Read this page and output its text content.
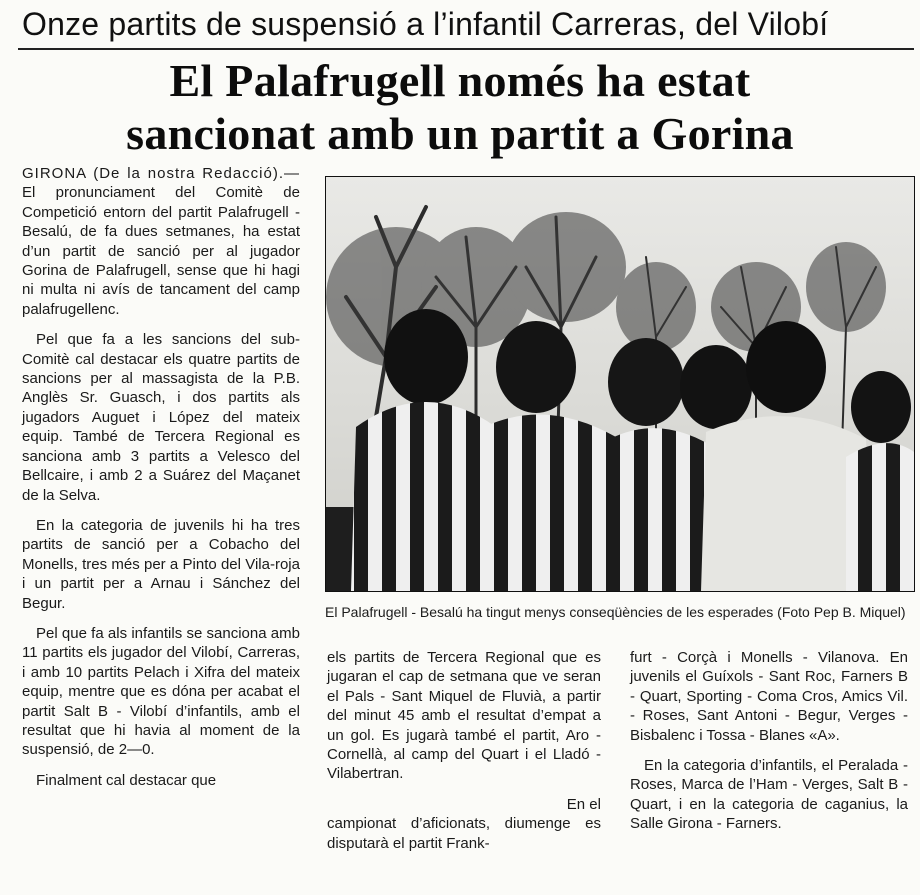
Onze partits de suspensió a l’infantil Carreras, del Vilobí
El Palafrugell només ha estat
sancionat amb un partit a Gorina

GIRONA (De la nostra Redacció).— El pronunciament del Comitè de Competició entorn del partit Palafrugell - Besalú, de fa dues setmanes, ha estat d’un partit de sanció per al jugador Gorina de Palafrugell, sense que hi hagi ni multa ni avís de tancament del camp palafrugellenc.

Pel que fa a les sancions del sub-Comitè cal destacar els quatre partits de sancions per al massagista de la P.B. Anglès Sr. Guasch, i dos partits als jugadors Auguet i López del mateix equip. També de Tercera Regional es sanciona amb 3 partits a Velesco del Bellcaire, i amb 2 a Suárez del Maçanet de la Selva.

En la categoria de juvenils hi ha tres partits de sanció per a Cobacho del Monells, tres més per a Pinto del Vila-roja i un partit per a Arnau i Sánchez del Begur.

Pel que fa als infantils se sanciona amb 11 partits els jugador del Vilobí, Carreras, i amb 10 partits Pelach i Xifra del mateix equip, mentre que es dóna per acabat el partit Salt B - Vilobí d’infantils, amb el resultat que hi havia al moment de la suspensió, de 2—0.

Finalment cal destacar que

El Palafrugell - Besalú ha tingut menys conseqüències de les esperades (Foto Pep B. Miquel)

els partits de Tercera Regional que es jugaran el cap de setmana que ve seran el Pals - Sant Miquel de Fluvià, a partir del minut 45 amb el resultat d’empat a un gol. Es jugarà també el partit, Aro - Cornellà, al camp del Quart i el Lladó - Vilabertran.

En el

campionat d’aficionats, diumenge es disputarà el partit Frank-

furt - Corçà i Monells - Vilanova. En juvenils el Guíxols - Sant Roc, Farners B - Quart, Sporting - Coma Cros, Amics Vil. - Roses, Sant Antoni - Begur, Verges - Bisbalenc i Tossa - Blanes «A».

En la categoria d’infantils, el Peralada - Roses, Marca de l’Ham - Verges, Salt B - Quart, i en la categoria de caganius, la Salle Girona - Farners.
